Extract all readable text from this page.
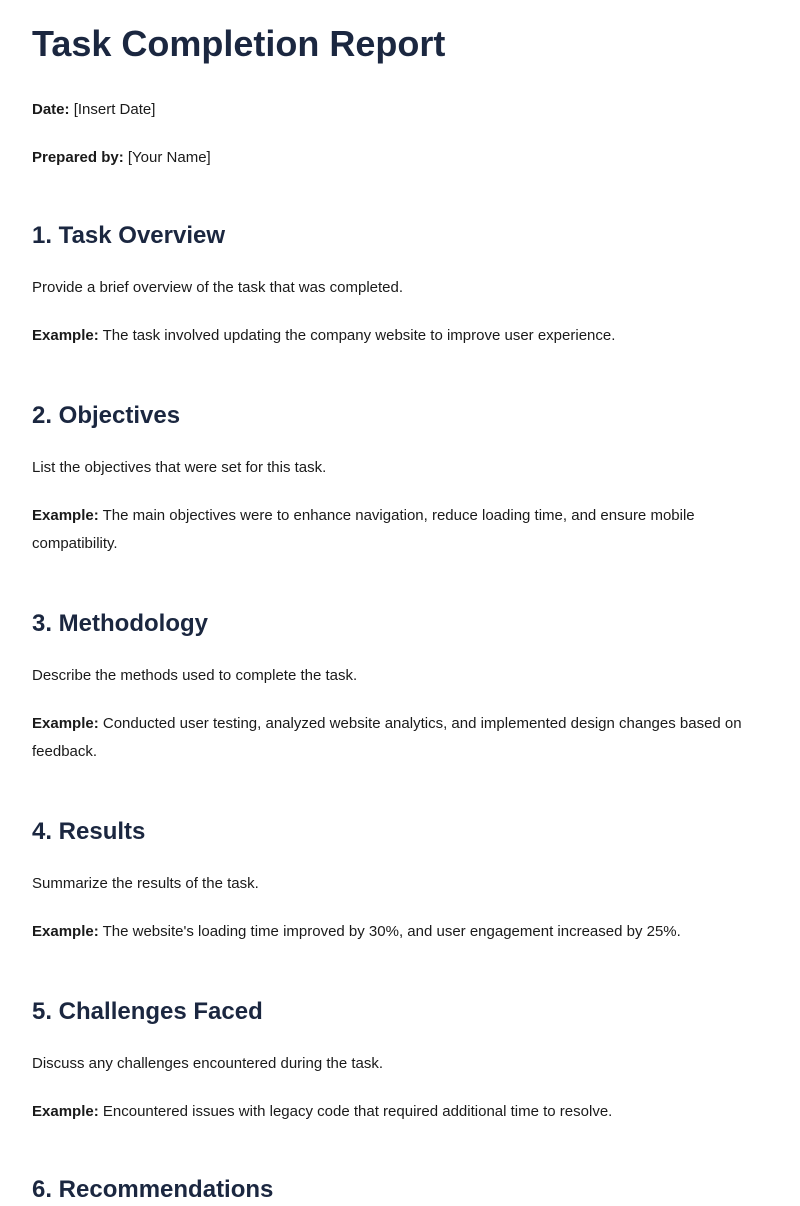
Task Completion Report

Date: [Insert Date]

Prepared by: [Your Name]

1. Task Overview

Provide a brief overview of the task that was completed.

Example: The task involved updating the company website to improve user experience.

2. Objectives

List the objectives that were set for this task.

Example: The main objectives were to enhance navigation, reduce loading time, and ensure mobile compatibility.

3. Methodology

Describe the methods used to complete the task.

Example: Conducted user testing, analyzed website analytics, and implemented design changes based on feedback.

4. Results

Summarize the results of the task.

Example: The website's loading time improved by 30%, and user engagement increased by 25%.

5. Challenges Faced

Discuss any challenges encountered during the task.

Example: Encountered issues with legacy code that required additional time to resolve.

6. Recommendations
